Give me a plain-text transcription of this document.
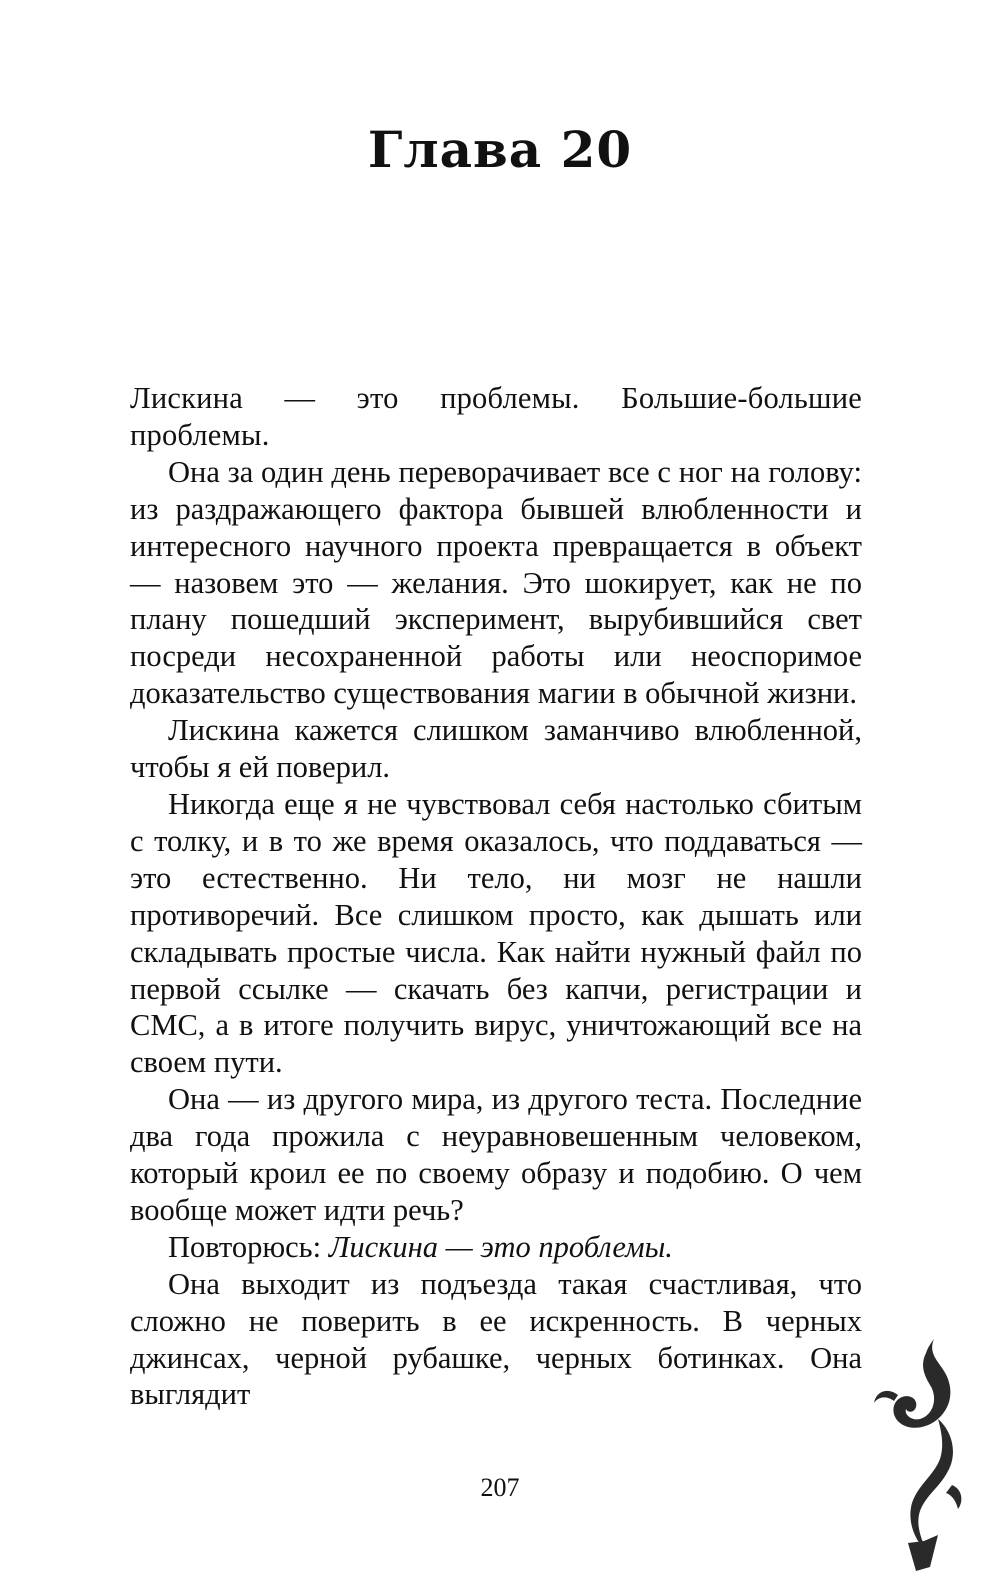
Глава 20

Лискина — это проблемы. Большие-большие проблемы.

Она за один день переворачивает все с ног на голову: из раздражающего фактора бывшей влюбленности и интересного научного проекта превращается в объект — назовем это — желания. Это шокирует, как не по плану пошедший эксперимент, вырубившийся свет посреди несохраненной работы или неоспоримое доказательство существования магии в обычной жизни.

Лискина кажется слишком заманчиво влюбленной, чтобы я ей поверил.

Никогда еще я не чувствовал себя настолько сбитым с толку, и в то же время оказалось, что поддаваться — это естественно. Ни тело, ни мозг не нашли противоречий. Все слишком просто, как дышать или складывать простые числа. Как найти нужный файл по первой ссылке — скачать без капчи, регистрации и СМС, а в итоге получить вирус, уничтожающий все на своем пути.

Она — из другого мира, из другого теста. Последние два года прожила с неуравновешенным человеком, который кроил ее по своему образу и подобию. О чем вообще может идти речь?

Повторюсь: Лискина — это проблемы.

Она выходит из подъезда такая счастливая, что сложно не поверить в ее искренность. В черных джинсах, черной рубашке, черных ботинках. Она выглядит

207
